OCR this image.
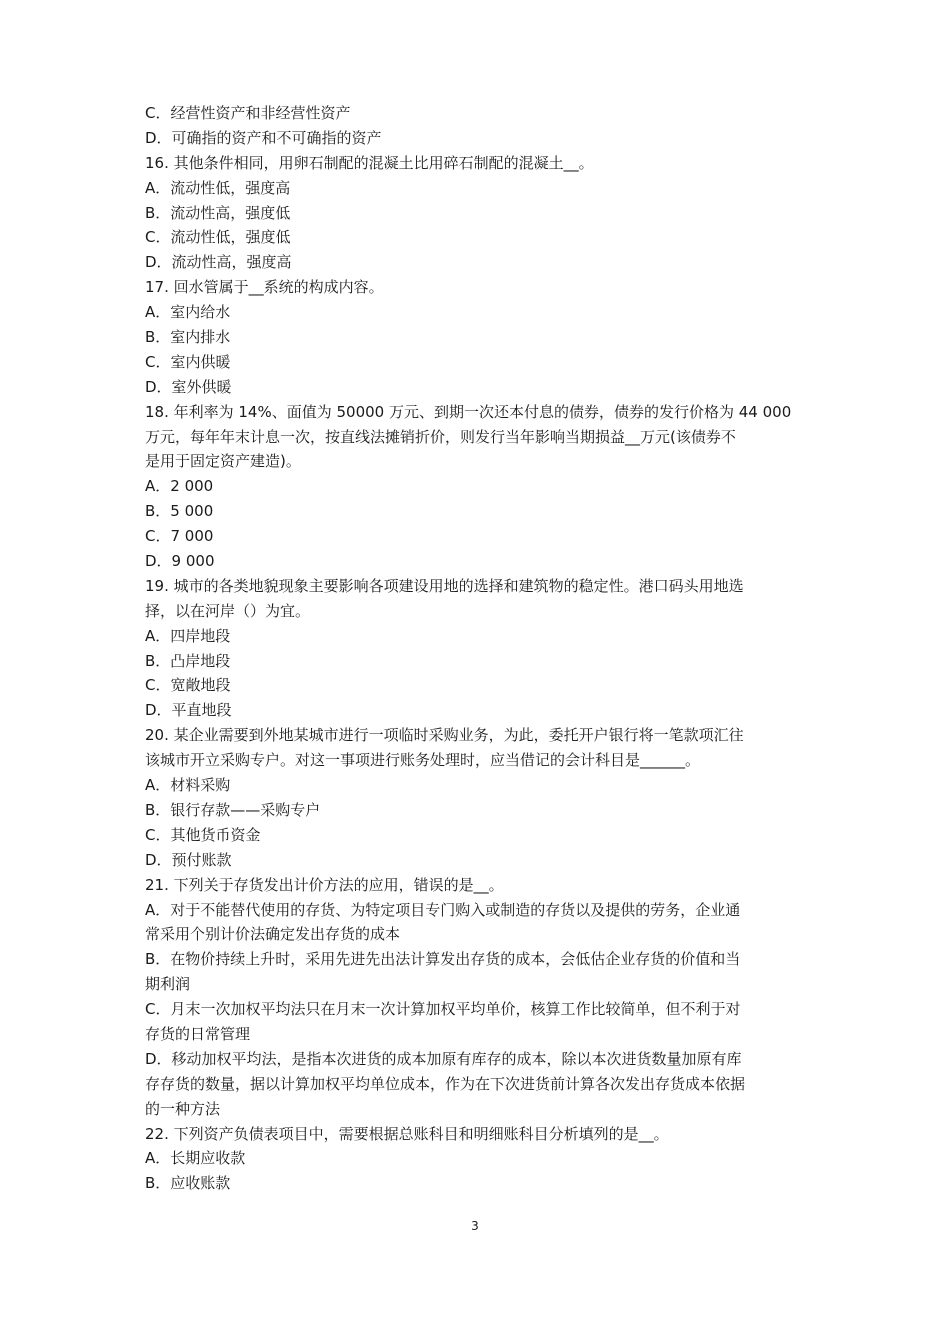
C．经营性资产和非经营性资产
D．可确指的资产和不可确指的资产
16. 其他条件相同，用卵石制配的混凝土比用碎石制配的混凝土__。
A．流动性低，强度高
B．流动性高，强度低
C．流动性低，强度低
D．流动性高，强度高
17. 回水管属于__系统的构成内容。
A．室内给水
B．室内排水
C．室内供暖
D．室外供暖
18. 年利率为 14%、面值为 50000 万元、到期一次还本付息的债券，债券的发行价格为 44 000
万元，每年年末计息一次，按直线法摊销折价，则发行当年影响当期损益__万元(该债券不
是用于固定资产建造)。
A．2 000
B．5 000
C．7 000
D．9 000
19. 城市的各类地貌现象主要影响各项建设用地的选择和建筑物的稳定性。港口码头用地选
择，以在河岸（）为宜。
A．四岸地段
B．凸岸地段
C．宽敞地段
D．平直地段
20. 某企业需要到外地某城市进行一项临时采购业务，为此，委托开户银行将一笔款项汇往
该城市开立采购专户。对这一事项进行账务处理时，应当借记的会计科目是______。
A．材料采购
B．银行存款——采购专户
C．其他货币资金
D．预付账款
21. 下列关于存货发出计价方法的应用，错误的是__。
A．对于不能替代使用的存货、为特定项目专门购入或制造的存货以及提供的劳务，企业通
常采用个别计价法确定发出存货的成本
B．在物价持续上升时，采用先进先出法计算发出存货的成本，会低估企业存货的价值和当
期利润
C．月末一次加权平均法只在月末一次计算加权平均单价，核算工作比较简单，但不利于对
存货的日常管理
D．移动加权平均法，是指本次进货的成本加原有库存的成本，除以本次进货数量加原有库
存存货的数量，据以计算加权平均单位成本，作为在下次进货前计算各次发出存货成本依据
的一种方法
22. 下列资产负债表项目中，需要根据总账科目和明细账科目分析填列的是__。
A．长期应收款
B．应收账款
3
